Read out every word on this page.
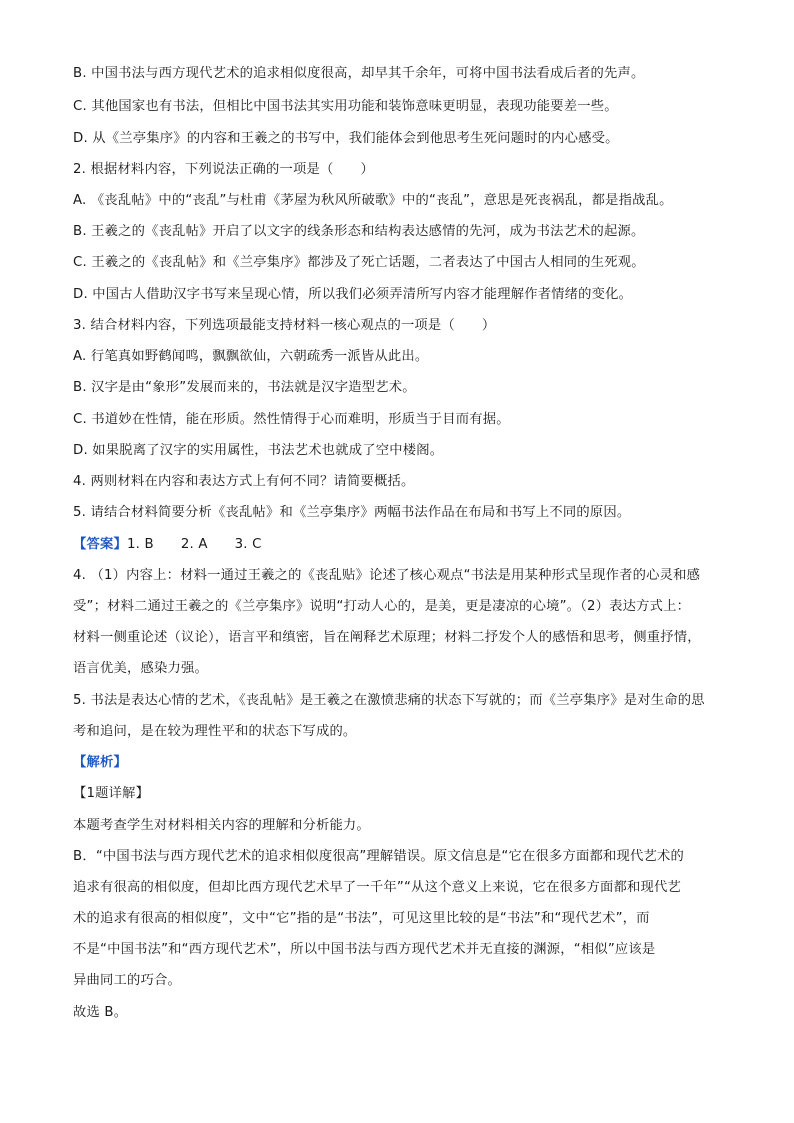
B. 中国书法与西方现代艺术的追求相似度很高，却早其千余年，可将中国书法看成后者的先声。
C. 其他国家也有书法，但相比中国书法其实用功能和装饰意味更明显，表现功能要差一些。
D. 从《兰亭集序》的内容和王羲之的书写中，我们能体会到他思考生死问题时的内心感受。
2. 根据材料内容，下列说法正确的一项是（　　）
A. 《丧乱帖》中的“丧乱”与杜甫《茅屋为秋风所破歌》中的“丧乱”，意思是死丧祸乱，都是指战乱。
B. 王羲之的《丧乱帖》开启了以文字的线条形态和结构表达感情的先河，成为书法艺术的起源。
C. 王羲之的《丧乱帖》和《兰亭集序》都涉及了死亡话题，二者表达了中国古人相同的生死观。
D. 中国古人借助汉字书写来呈现心情，所以我们必须弄清所写内容才能理解作者情绪的变化。
3. 结合材料内容，下列选项最能支持材料一核心观点的一项是（　　）
A. 行笔真如野鹤闻鸣，飘飘欲仙，六朝疏秀一派皆从此出。
B. 汉字是由“象形”发展而来的，书法就是汉字造型艺术。
C. 书道妙在性情，能在形质。然性情得于心而难明，形质当于目而有据。
D. 如果脱离了汉字的实用属性，书法艺术也就成了空中楼阁。
4. 两则材料在内容和表达方式上有何不同？请简要概括。
5. 请结合材料简要分析《丧乱帖》和《兰亭集序》两幅书法作品在布局和书写上不同的原因。
【答案】1. B　　2. A　　3. C
4. （1）内容上：材料一通过王羲之的《丧乱贴》论述了核心观点“书法是用某种形式呈现作者的心灵和感
受”；材料二通过王羲之的《兰亭集序》说明“打动人心的，是美，更是凄凉的心境”。（2）表达方式上：
材料一侧重论述（议论），语言平和缜密，旨在阐释艺术原理；材料二抒发个人的感悟和思考，侧重抒情，
语言优美，感染力强。
5. 书法是表达心情的艺术，《丧乱帖》是王羲之在激愤悲痛的状态下写就的；而《兰亭集序》是对生命的思
考和追问，是在较为理性平和的状态下写成的。
【解析】
【1题详解】
本题考查学生对材料相关内容的理解和分析能力。
B．“中国书法与西方现代艺术的追求相似度很高”理解错误。原文信息是“它在很多方面都和现代艺术的
追求有很高的相似度，但却比西方现代艺术早了一千年”“从这个意义上来说，它在很多方面都和现代艺
术的追求有很高的相似度”，文中“它”指的是“书法”，可见这里比较的是“书法”和“现代艺术”，而
不是“中国书法”和“西方现代艺术”，所以中国书法与西方现代艺术并无直接的渊源，“相似”应该是
异曲同工的巧合。
故选 B。
